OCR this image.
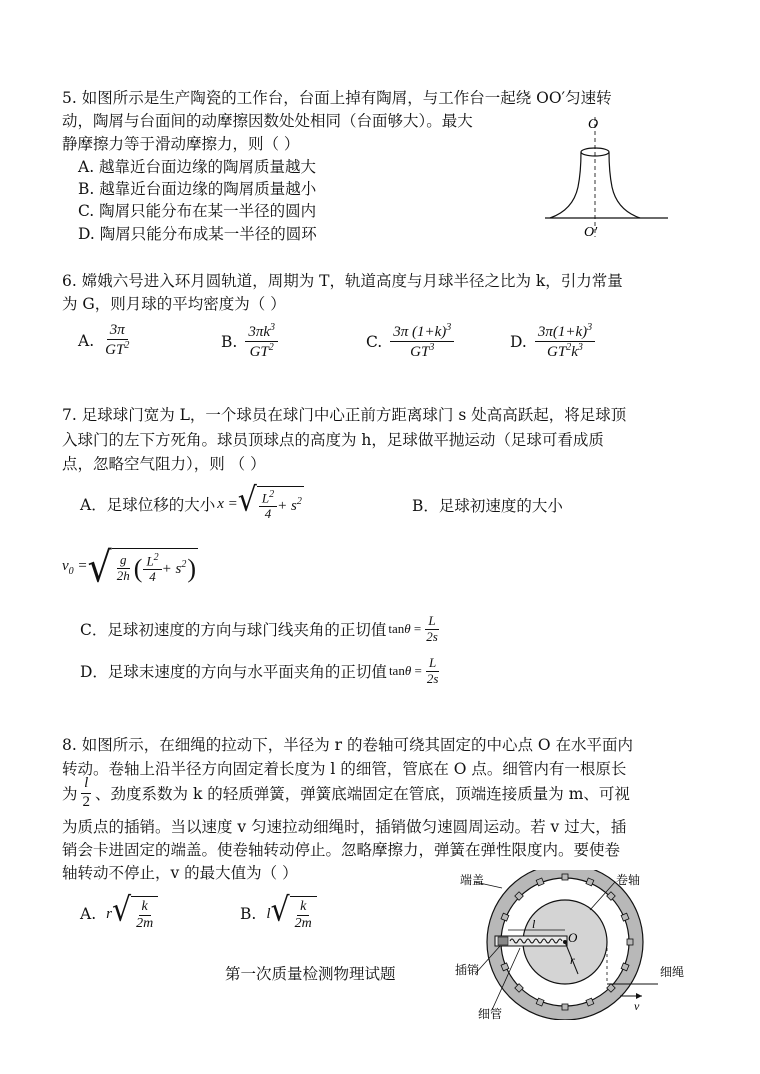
5. 如图所示是生产陶瓷的工作台，台面上掉有陶屑，与工作台一起绕 OO′匀速转
动，陶屑与台面间的动摩擦因数处处相同（台面够大）。最大
静摩擦力等于滑动摩擦力，则（ ）
A. 越靠近台面边缘的陶屑质量越大
B. 越靠近台面边缘的陶屑质量越小
C. 陶屑只能分布在某一半径的圆内
D. 陶屑只能分布成某一半径的圆环
O
O′
6. 嫦娥六号进入环月圆轨道，周期为 T，轨道高度与月球半径之比为 k，引力常量
为 G，则月球的平均密度为（ ）
A. $\frac{3\pi}{GT^2}$	B. $\frac{3\pi k^3}{GT^2}$	C. $\frac{3\pi (1+k)^3}{GT^3}$	D. $\frac{3\pi(1+k)^3}{GT^2k^3}$
7. 足球球门宽为 L，一个球员在球门中心正前方距离球门 s 处高高跃起，将足球顶
入球门的左下方死角。球员顶球点的高度为 h，足球做平抛运动（足球可看成质
点，忽略空气阻力），则 （ ）
A．足球位移的大小 x = √ $\frac{L^2}{4} + s^2$	B．足球初速度的大小
$v_0$ = √ $\frac{g}{2h}$ ( $\frac{L^2}{4} + s^2$ )
C．足球初速度的方向与球门线夹角的正切值 $\tan\theta = \frac{L}{2s}$
D．足球末速度的方向与水平面夹角的正切值 $\tan\theta = \frac{L}{2s}$
8. 如图所示，在细绳的拉动下，半径为 r 的卷轴可绕其固定的中心点 O 在水平面内
转动。卷轴上沿半径方向固定着长度为 l 的细管，管底在 O 点。细管内有一根原长
为 $\frac{l}{2}$ 、劲度系数为 k 的轻质弹簧，弹簧底端固定在管底，顶端连接质量为 m、可视
为质点的插销。当以速度 v 匀速拉动细绳时，插销做匀速圆周运动。若 v 过大，插
销会卡进固定的端盖。使卷轴转动停止。忽略摩擦力，弹簧在弹性限度内。要使卷
轴转动不停止，v 的最大值为（ ）
A. r √ $\frac{k}{2m}$	B. l √ $\frac{k}{2m}$
第一次质量检测物理试题
端盖	卷轴
插销
细管
细绳
O
r
l
v
